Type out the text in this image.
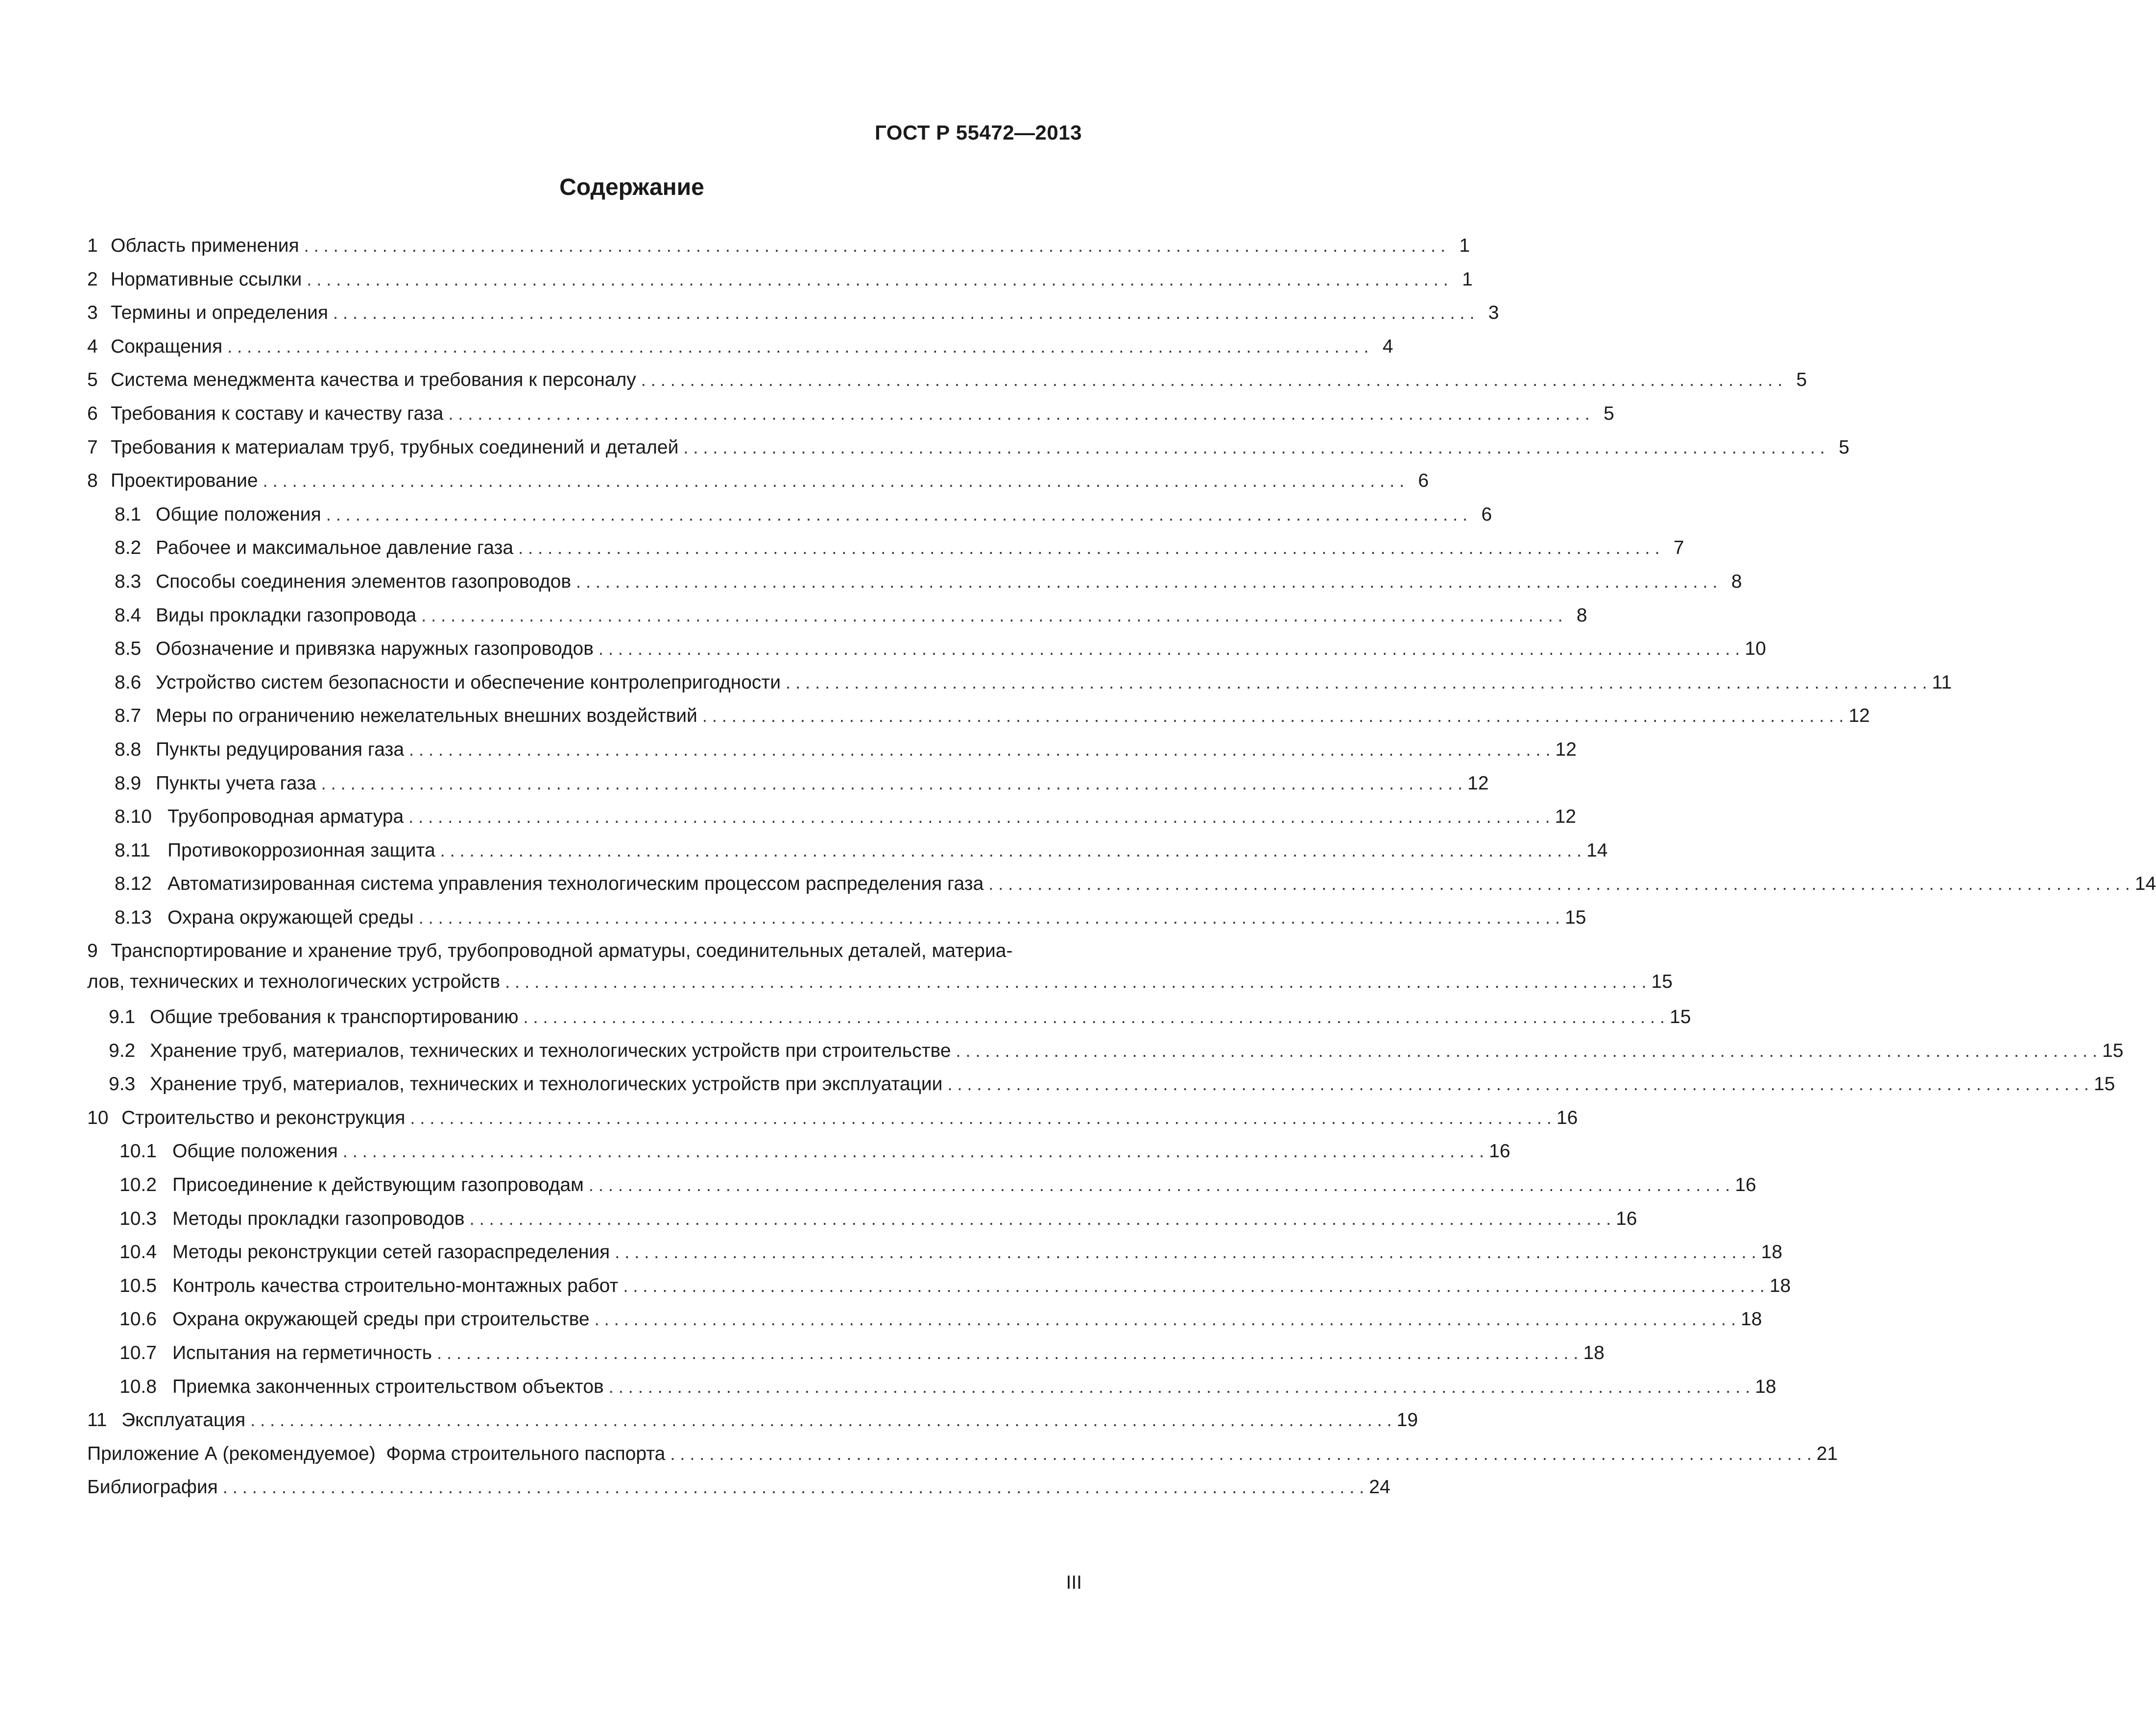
ГОСТ Р 55472—2013
Содержание
1 Область применения . . .	1
2 Нормативные ссылки . . .	1
3 Термины и определения . . .	3
4 Сокращения . . .	4
5 Система менеджмента качества и требования к персоналу . . .	5
6 Требования к составу и качеству газа . . .	5
7 Требования к материалам труб, трубных соединений и деталей . . .	5
8 Проектирование . . .	6
8.1 Общие положения . . .	6
8.2 Рабочее и максимальное давление газа . . .	7
8.3 Способы соединения элементов газопроводов . . .	8
8.4 Виды прокладки газопровода . . .	8
8.5 Обозначение и привязка наружных газопроводов . . .	10
8.6 Устройство систем безопасности и обеспечение контролепригодности . . .	11
8.7 Меры по ограничению нежелательных внешних воздействий . . .	12
8.8 Пункты редуцирования газа . . .	12
8.9 Пункты учета газа . . .	12
8.10 Трубопроводная арматура . . .	12
8.11 Противокоррозионная защита . . .	14
8.12 Автоматизированная система управления технологическим процессом распределения газа . . .	14
8.13 Охрана окружающей среды . . .	15
9 Транспортирование и хранение труб, трубопроводной арматуры, соединительных деталей, материа-
лов, технических и технологических устройств . . .	15
9.1 Общие требования к транспортированию . . .	15
9.2 Хранение труб, материалов, технических и технологических устройств при строительстве . . .	15
9.3 Хранение труб, материалов, технических и технологических устройств при эксплуатации . . .	15
10 Строительство и реконструкция . . .	16
10.1 Общие положения . . .	16
10.2 Присоединение к действующим газопроводам . . .	16
10.3 Методы прокладки газопроводов . . .	16
10.4 Методы реконструкции сетей газораспределения . . .	18
10.5 Контроль качества строительно-монтажных работ . . .	18
10.6 Охрана окружающей среды при строительстве . . .	18
10.7 Испытания на герметичность . . .	18
10.8 Приемка законченных строительством объектов . . .	18
11 Эксплуатация . . .	19
Приложение А (рекомендуемое)  Форма строительного паспорта . . .	21
Библиография . . .	24
III
